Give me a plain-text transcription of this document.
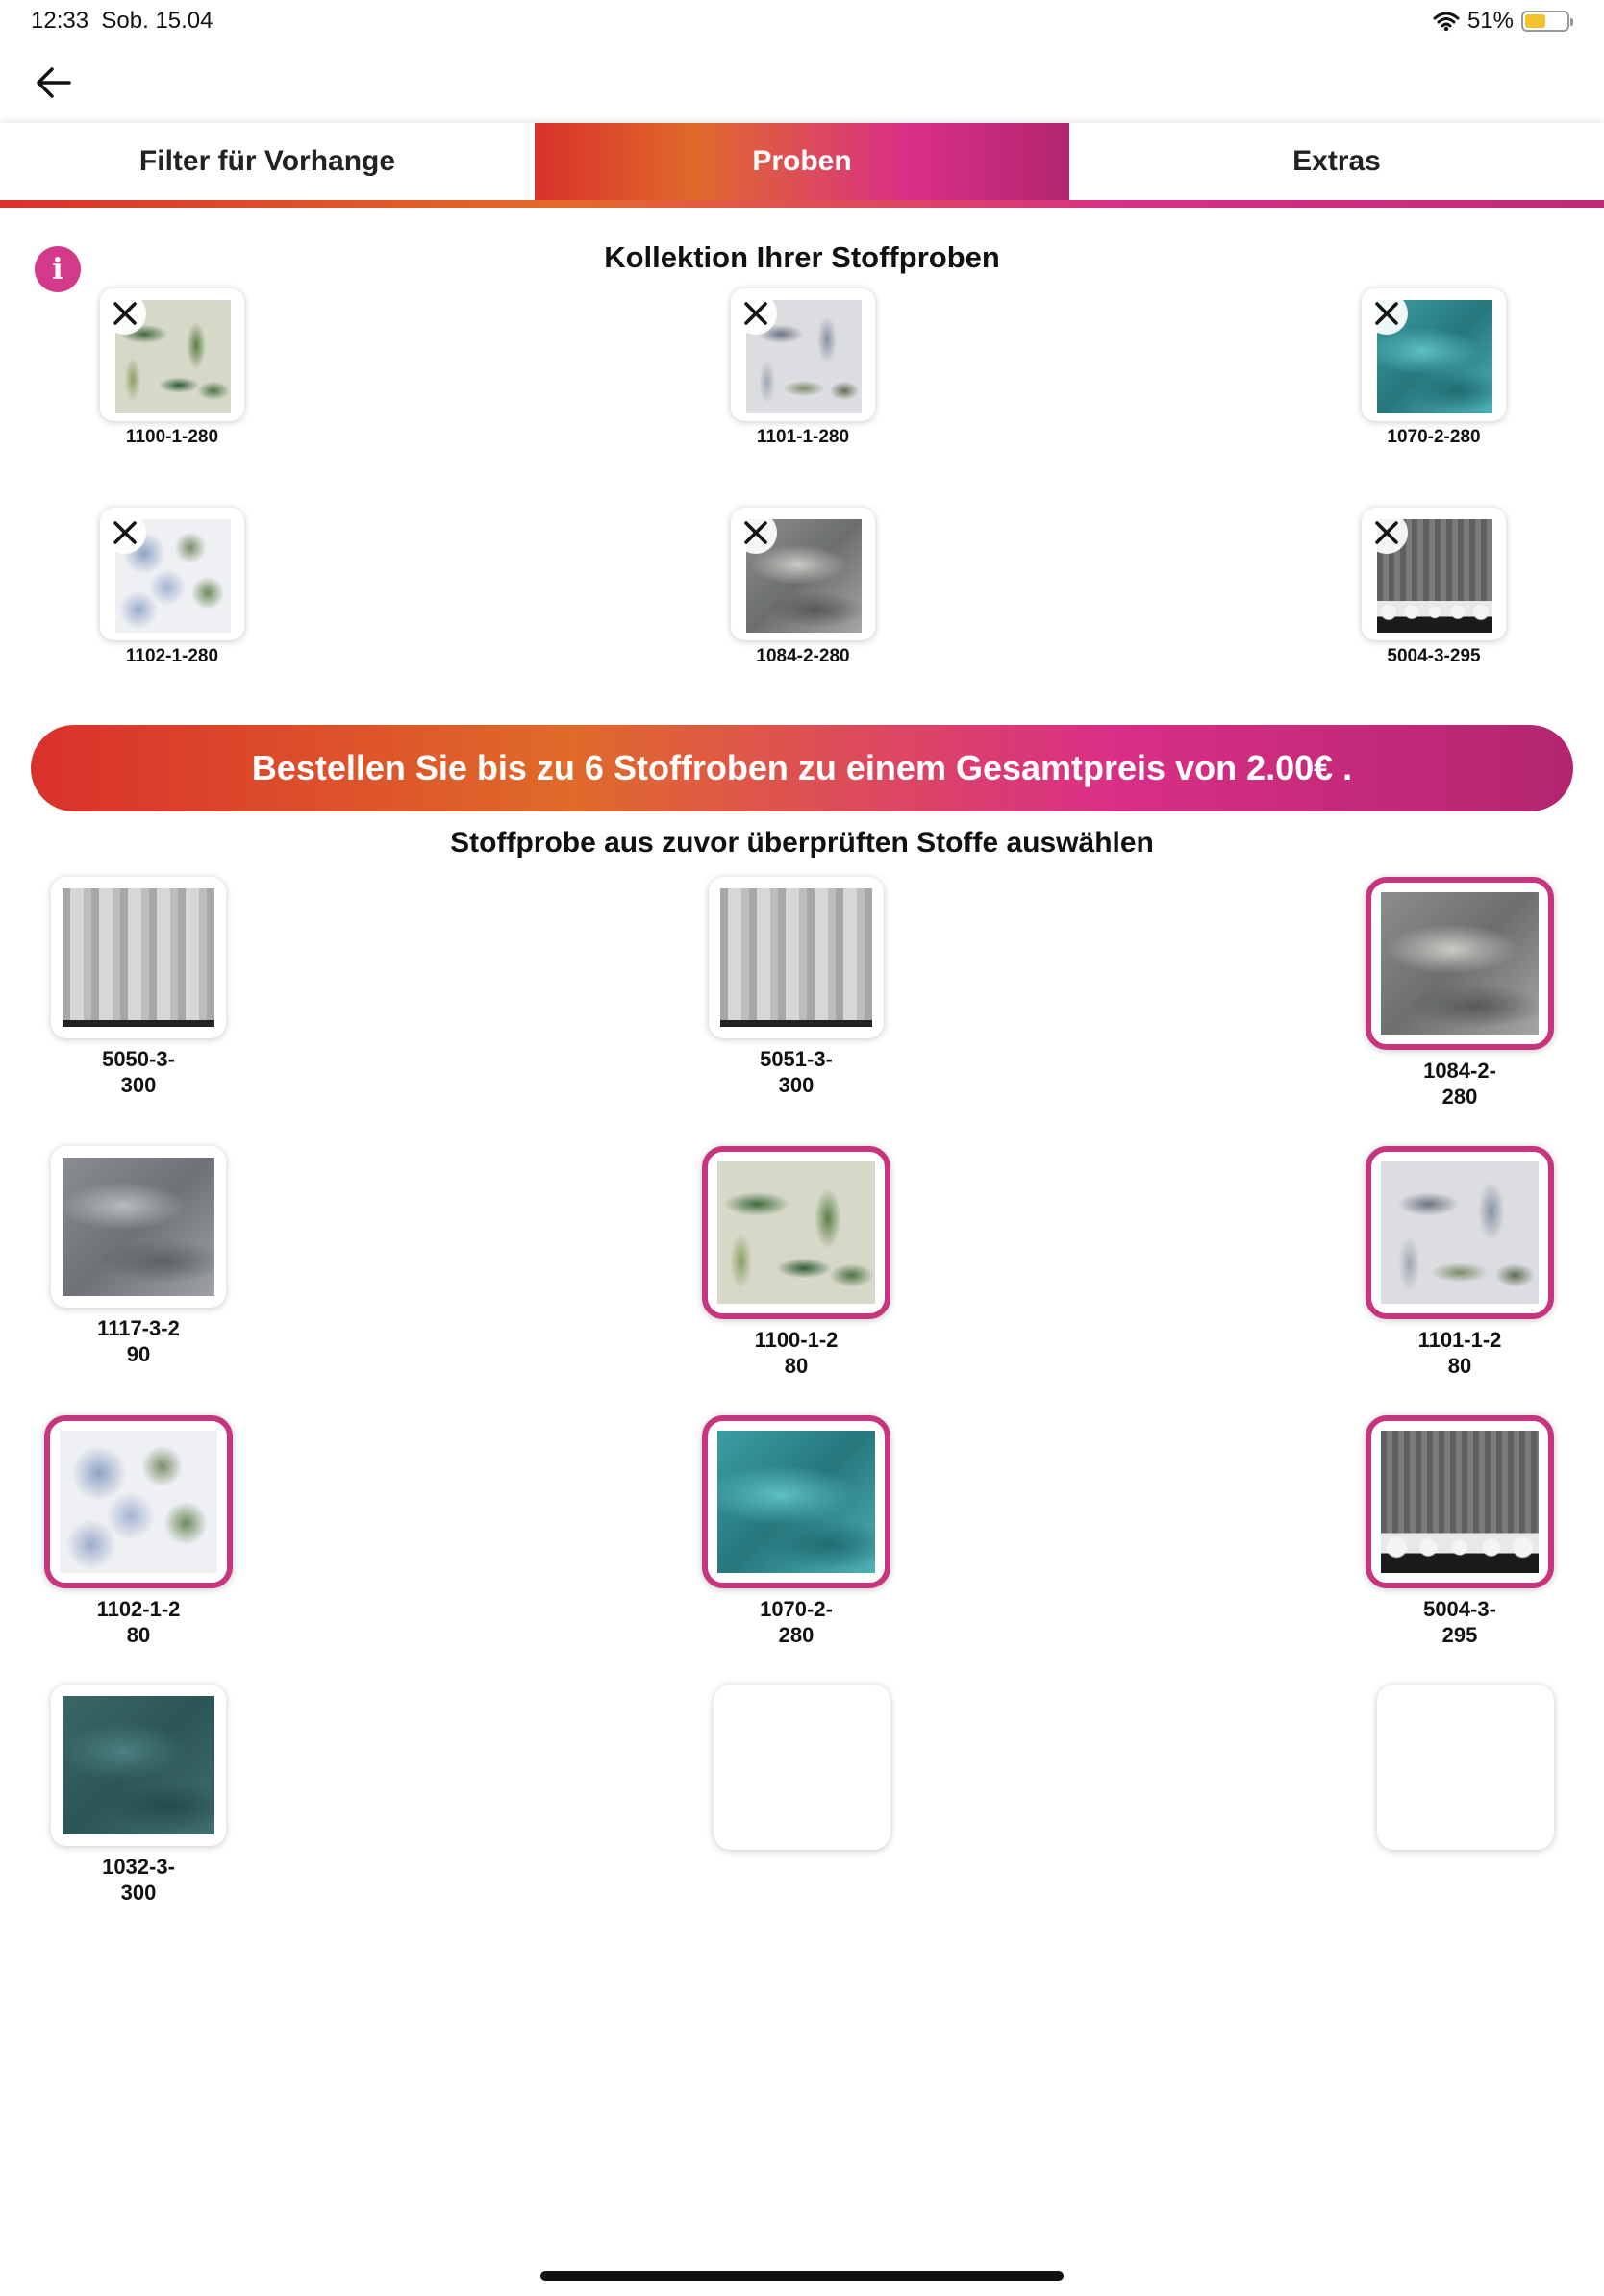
12:33 Sob. 15.04	51%
Filter für Vorhange	Proben	Extras
i	Kollektion Ihrer Stoffproben
1100-1-280	1101-1-280	1070-2-280
1102-1-280	1084-2-280	5004-3-295
Bestellen Sie bis zu 6 Stoffroben zu einem Gesamtpreis von 2.00€ .
Stoffprobe aus zuvor überprüften Stoffe auswählen
5050-3-
300
5051-3-
300
1084-2-
280
1117-3-2
90
1100-1-2
80
1101-1-2
80
1102-1-2
80
1070-2-
280
5004-3-
295
1032-3-
300
